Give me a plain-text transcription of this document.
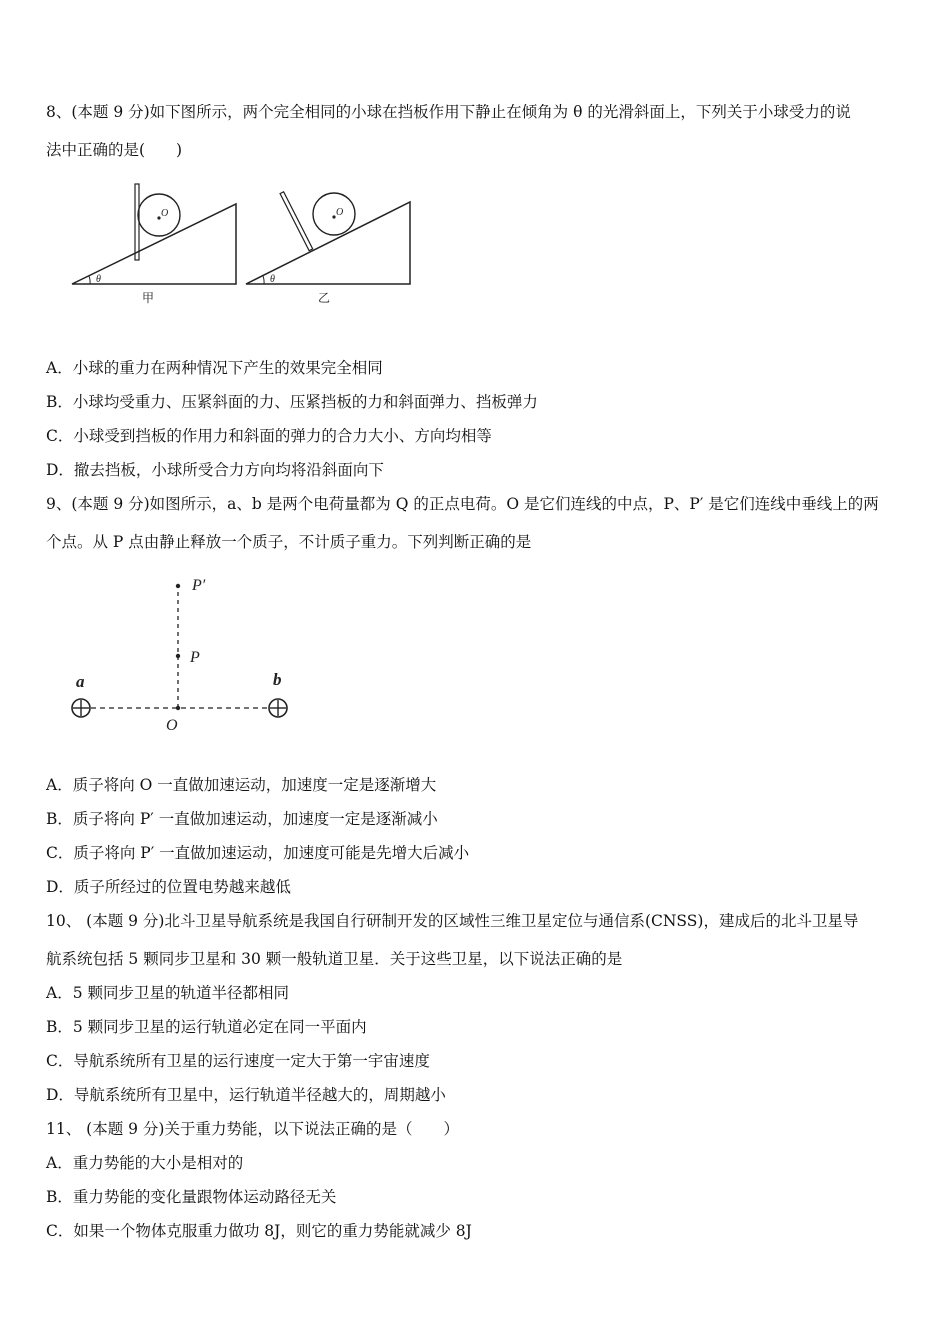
8、(本题 9 分)如下图所示，两个完全相同的小球在挡板作用下静止在倾角为 θ 的光滑斜面上，下列关于小球受力的说
法中正确的是(　　)
O
θ
甲
O
θ
乙
A．小球的重力在两种情况下产生的效果完全相同
B．小球均受重力、压紧斜面的力、压紧挡板的力和斜面弹力、挡板弹力
C．小球受到挡板的作用力和斜面的弹力的合力大小、方向均相等
D．撤去挡板，小球所受合力方向均将沿斜面向下
9、(本题 9 分)如图所示，a、b 是两个电荷量都为 Q 的正点电荷。O 是它们连线的中点，P、P′ 是它们连线中垂线上的两
个点。从 P 点由静止释放一个质子，不计质子重力。下列判断正确的是
a	b
O
P
P′
A．质子将向 O 一直做加速运动，加速度一定是逐渐增大
B．质子将向 P′ 一直做加速运动，加速度一定是逐渐减小
C．质子将向 P′ 一直做加速运动，加速度可能是先增大后减小
D．质子所经过的位置电势越来越低
10、 (本题 9 分)北斗卫星导航系统是我国自行研制开发的区域性三维卫星定位与通信系(CNSS)，建成后的北斗卫星导
航系统包括 5 颗同步卫星和 30 颗一般轨道卫星．关于这些卫星，以下说法正确的是
A．5 颗同步卫星的轨道半径都相同
B．5 颗同步卫星的运行轨道必定在同一平面内
C．导航系统所有卫星的运行速度一定大于第一宇宙速度
D．导航系统所有卫星中，运行轨道半径越大的，周期越小
11、 (本题 9 分)关于重力势能，以下说法正确的是（　　）
A．重力势能的大小是相对的
B．重力势能的变化量跟物体运动路径无关
C．如果一个物体克服重力做功 8J，则它的重力势能就减少 8J
